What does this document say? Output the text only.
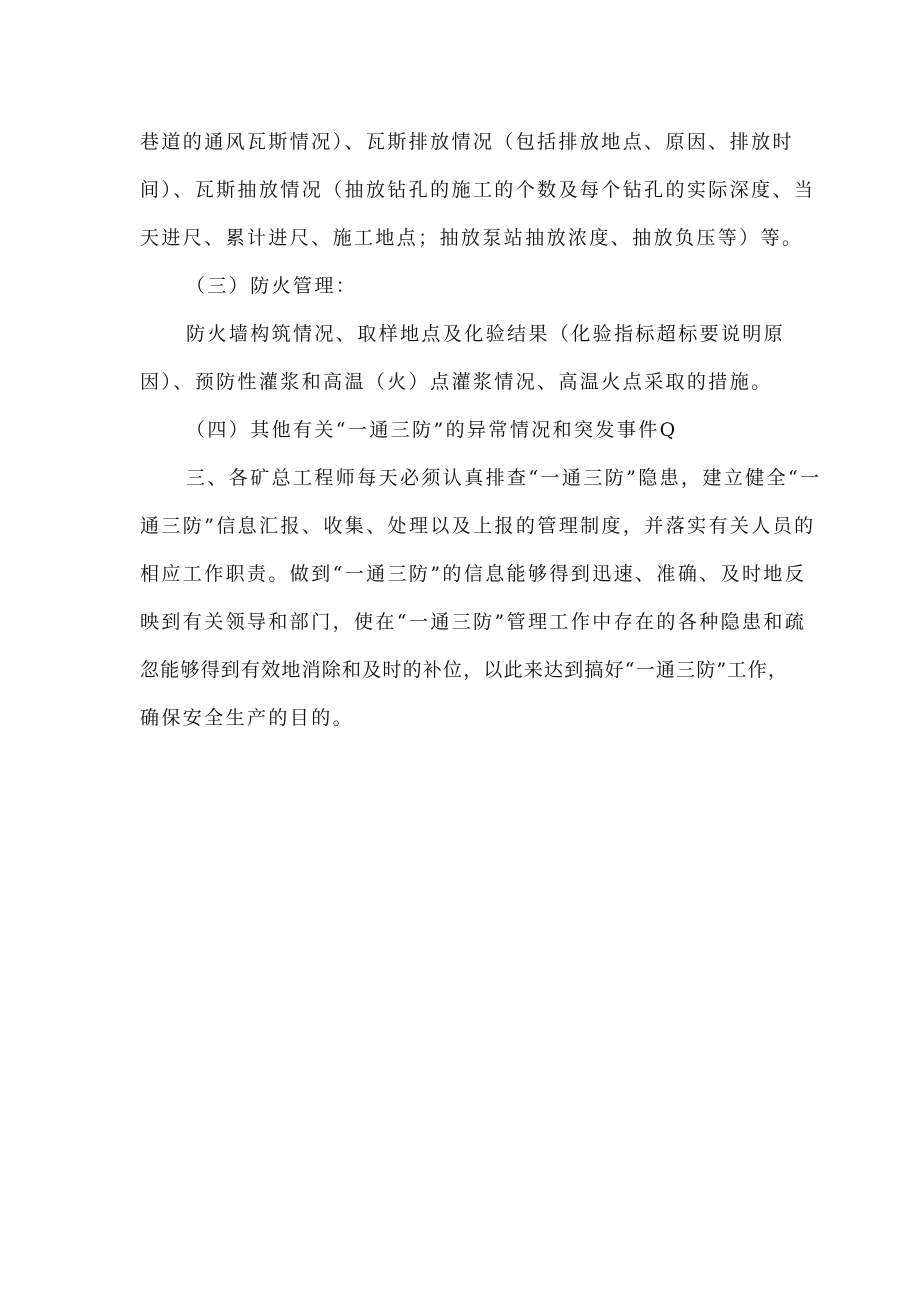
巷道的通风瓦斯情况）、瓦斯排放情况（包括排放地点、原因、排放时
间）、瓦斯抽放情况（抽放钻孔的施工的个数及每个钻孔的实际深度、当
天进尺、累计进尺、施工地点；抽放泵站抽放浓度、抽放负压等）等。
（三）防火管理：
防火墙构筑情况、取样地点及化验结果（化验指标超标要说明原
因）、预防性灌浆和高温（火）点灌浆情况、高温火点采取的措施。
（四）其他有关“一通三防”的异常情况和突发事件Q
三、各矿总工程师每天必须认真排查“一通三防”隐患，建立健全“一
通三防”信息汇报、收集、处理以及上报的管理制度，并落实有关人员的
相应工作职责。做到“一通三防”的信息能够得到迅速、准确、及时地反
映到有关领导和部门，使在“一通三防”管理工作中存在的各种隐患和疏
忽能够得到有效地消除和及时的补位，以此来达到搞好“一通三防”工作，
确保安全生产的目的。
